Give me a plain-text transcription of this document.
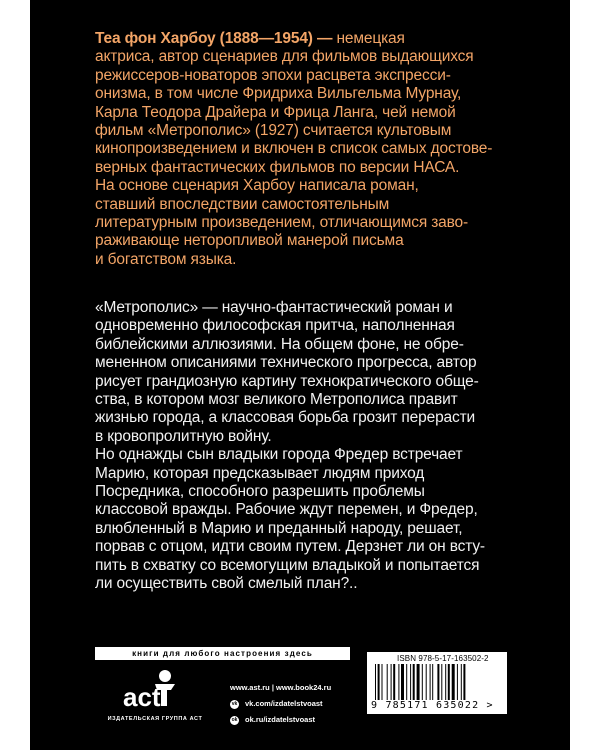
Теа фон Харбоу (1888—1954) — немецкая
актриса, автор сценариев для фильмов выдающихся
режиссеров-новаторов эпохи расцвета экспресси-
онизма, в том числе Фридриха Вильгельма Мурнау,
Карла Теодора Драйера и Фрица Ланга, чей немой
фильм «Метрополис» (1927) считается культовым
кинопроизведением и включен в список самых достове-
верных фантастических фильмов по версии НАСА.
На основе сценария Харбоу написала роман,
ставший впоследствии самостоятельным
литературным произведением, отличающимся заво-
раживающе неторопливой манерой письма
и богатством языка.
«Метрополис» — научно-фантастический роман и
одновременно философская притча, наполненная
библейскими аллюзиями. На общем фоне, не обре-
мененном описаниями технического прогресса, автор
рисует грандиозную картину технократического обще-
ства, в котором мозг великого Метрополиса правит
жизнью города, а классовая борьба грозит перерасти
в кровопролитную войну.
Но однажды сын владыки города Фредер встречает
Марию, которая предсказывает людям приход
Посредника, способного разрешить проблемы
классовой вражды. Рабочие ждут перемен, и Фредер,
влюбленный в Марию и преданный народу, решает,
порвав с отцом, идти своим путем. Дерзнет ли он всту-
пить в схватку со всемогущим владыкой и попытается
ли осуществить свой смелый план?..
книги для любого настроения здесь
act
ИЗДАТЕЛЬСКАЯ ГРУППА АСТ
www.ast.ru | www.book24.ru
vk vk.com/izdatelstvoast
ok ok.ru/izdatelstvoast
ISBN 978-5-17-163502-2
9 785171 635022 >
